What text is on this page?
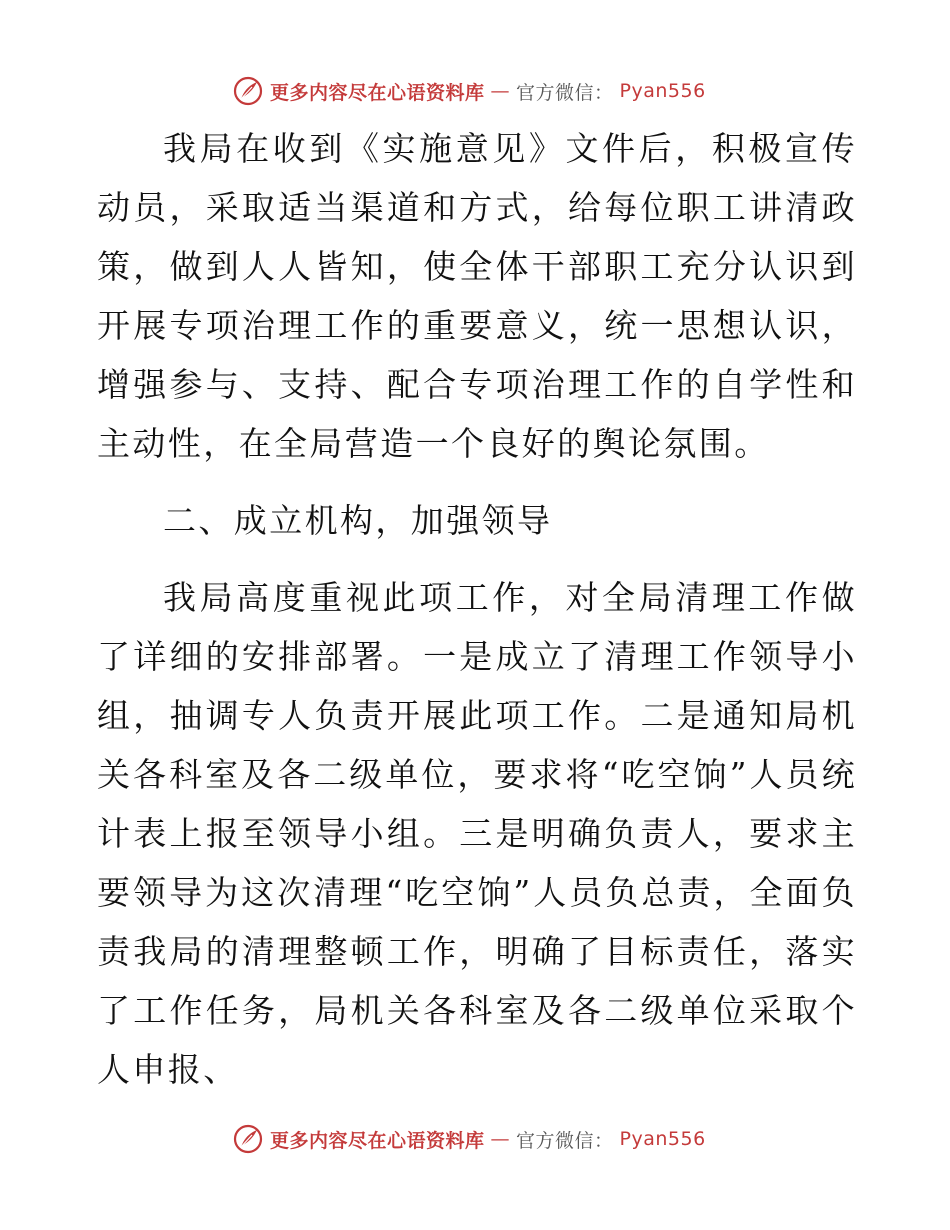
更多内容尽在心语资料库 — 官方微信： Pyan556

我局在收到《实施意见》文件后，积极宣传动员，采取适当渠道和方式，给每位职工讲清政策，做到人人皆知，使全体干部职工充分认识到开展专项治理工作的重要意义，统一思想认识，增强参与、支持、配合专项治理工作的自学性和主动性，在全局营造一个良好的舆论氛围。

二、成立机构，加强领导

我局高度重视此项工作，对全局清理工作做了详细的安排部署。一是成立了清理工作领导小组，抽调专人负责开展此项工作。二是通知局机关各科室及各二级单位，要求将“吃空饷”人员统计表上报至领导小组。三是明确负责人，要求主要领导为这次清理“吃空饷”人员负总责，全面负责我局的清理整顿工作，明确了目标责任，落实了工作任务，局机关各科室及各二级单位采取个人申报、

更多内容尽在心语资料库 — 官方微信： Pyan556
